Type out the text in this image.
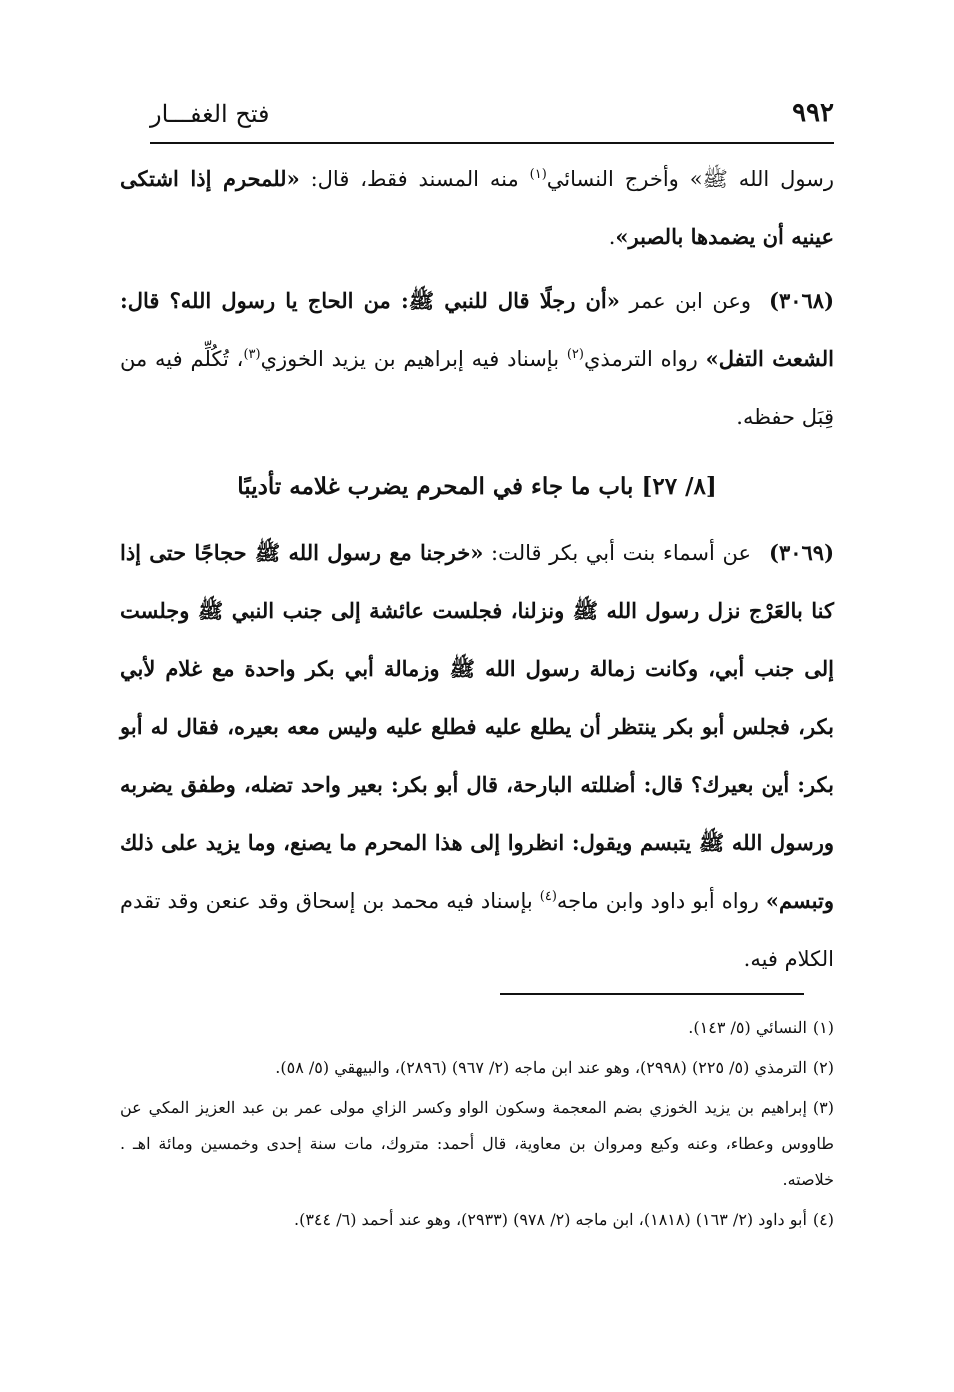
٩٩٢
فتح الغفـــار

رسول الله ﷺ» وأخرج النسائي$^{(١)}$ منه المسند فقط، قال: «للمحرم إذا اشتكى عينيه أن يضمدها بالصبر».

(٣٠٦٨)وعن ابن عمر «أن رجلًا قال للنبي ﷺ: من الحاج يا رسول الله؟ قال: الشعث التفل» رواه الترمذي$^{(٢)}$ بإسناد فيه إبراهيم بن يزيد الخوزي$^{(٣)}$، تُكُلِّم فيه من قِبَل حفظه.

[٨/ ٢٧] باب ما جاء في المحرم يضرب غلامه تأديبًا

(٣٠٦٩)عن أسماء بنت أبي بكر قالت: «خرجنا مع رسول الله ﷺ حجاجًا حتى إذا كنا بالعَرْج نزل رسول الله ﷺ ونزلنا، فجلست عائشة إلى جنب النبي ﷺ وجلست إلى جنب أبي، وكانت زمالة رسول الله ﷺ وزمالة أبي بكر واحدة مع غلام لأبي بكر، فجلس أبو بكر ينتظر أن يطلع عليه فطلع عليه وليس معه بعيره، فقال له أبو بكر: أين بعيرك؟ قال: أضللته البارحة، قال أبو بكر: بعير واحد تضله، وطفق يضربه ورسول الله ﷺ يتبسم ويقول: انظروا إلى هذا المحرم ما يصنع، وما يزيد على ذلك وتبسم» رواه أبو داود وابن ماجه$^{(٤)}$ بإسناد فيه محمد بن إسحاق وقد عنعن وقد تقدم الكلام فيه.

(١)النسائي (٥/ ١٤٣).

(٢)الترمذي (٥/ ٢٢٥) (٢٩٩٨)، وهو عند ابن ماجه (٢/ ٩٦٧) (٢٨٩٦)، والبيهقي (٥/ ٥٨).

(٣)إبراهيم بن يزيد الخوزي بضم المعجمة وسكون الواو وكسر الزاي مولى عمر بن عبد العزيز المكي عن طاووس وعطاء، وعنه وكيع ومروان بن معاوية، قال أحمد: متروك، مات سنة إحدى وخمسين ومائة اهـ . خلاصته.

(٤)أبو داود (٢/ ١٦٣) (١٨١٨)، ابن ماجه (٢/ ٩٧٨) (٢٩٣٣)، وهو عند أحمد (٦/ ٣٤٤).
